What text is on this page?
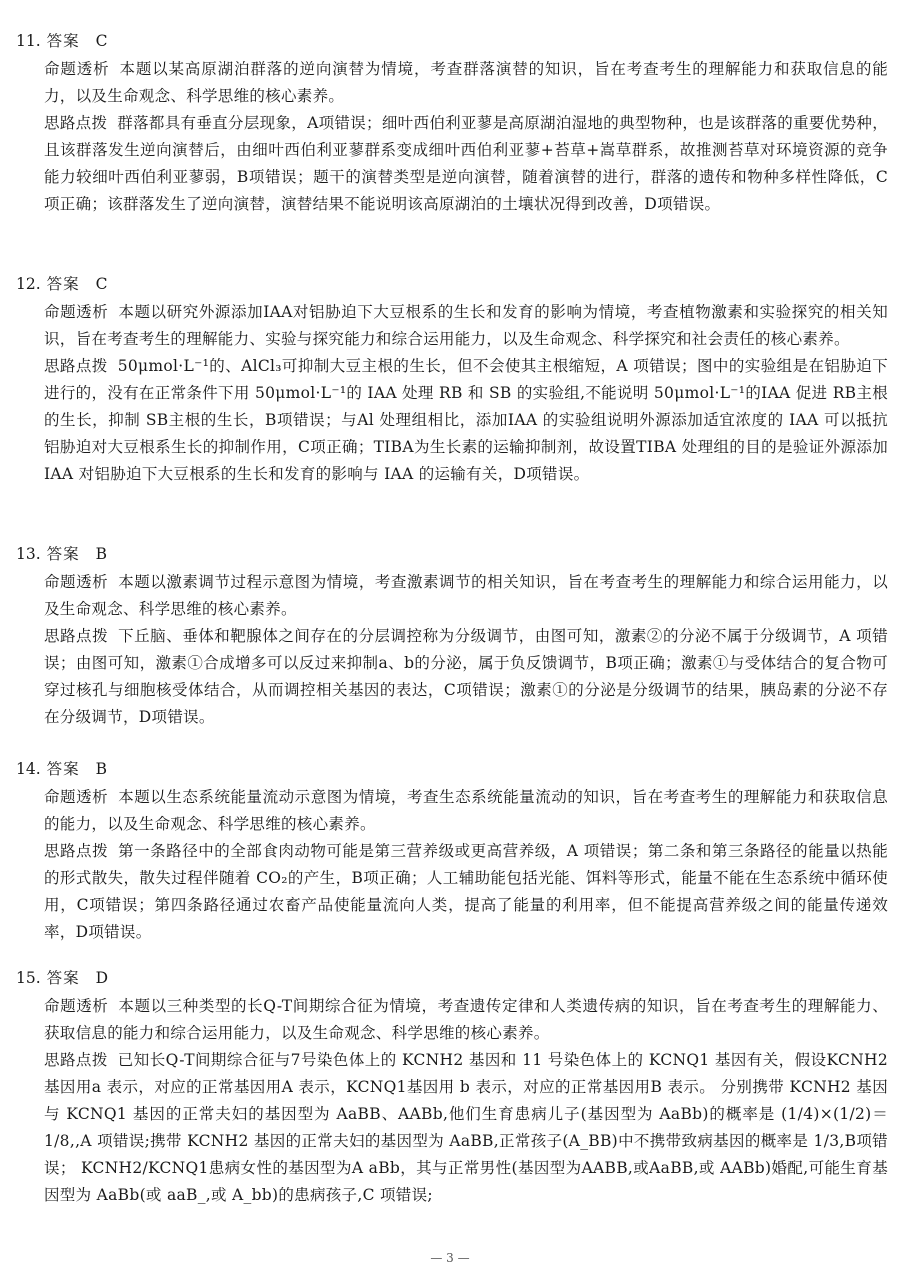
11. 答案 C

命题透析 本题以某高原湖泊群落的逆向演替为情境，考查群落演替的知识，旨在考查考生的理解能力和获取信息的能力，以及生命观念、科学思维的核心素养。

思路点拨 群落都具有垂直分层现象，A项错误；细叶西伯利亚蓼是高原湖泊湿地的典型物种，也是该群落的重要优势种，且该群落发生逆向演替后，由细叶西伯利亚蓼群系变成细叶西伯利亚蓼+苔草+嵩草群系，故推测苔草对环境资源的竞争能力较细叶西伯利亚蓼弱，B项错误；题干的演替类型是逆向演替，随着演替的进行，群落的遗传和物种多样性降低，C项正确；该群落发生了逆向演替，演替结果不能说明该高原湖泊的土壤状况得到改善，D项错误。

12. 答案 C

命题透析 本题以研究外源添加IAA对铝胁迫下大豆根系的生长和发育的影响为情境，考查植物激素和实验探究的相关知识，旨在考查考生的理解能力、实验与探究能力和综合运用能力，以及生命观念、科学探究和社会责任的核心素养。

思路点拨 50μmol·L⁻¹的、AlCl₃可抑制大豆主根的生长，但不会使其主根缩短，A 项错误；图中的实验组是在铝胁迫下进行的，没有在正常条件下用 50μmol·L⁻¹的 IAA 处理 RB 和 SB 的实验组,不能说明 50μmol·L⁻¹的IAA 促进 RB主根的生长，抑制 SB主根的生长，B项错误；与Al 处理组相比，添加IAA 的实验组说明外源添加适宜浓度的 IAA 可以抵抗铝胁迫对大豆根系生长的抑制作用，C项正确；TIBA为生长素的运输抑制剂，故设置TIBA 处理组的目的是验证外源添加 IAA 对铝胁迫下大豆根系的生长和发育的影响与 IAA 的运输有关，D项错误。

13. 答案 B

命题透析 本题以激素调节过程示意图为情境，考查激素调节的相关知识，旨在考查考生的理解能力和综合运用能力，以及生命观念、科学思维的核心素养。

思路点拨 下丘脑、垂体和靶腺体之间存在的分层调控称为分级调节，由图可知，激素②的分泌不属于分级调节，A 项错误；由图可知，激素①合成增多可以反过来抑制a、b的分泌，属于负反馈调节，B项正确；激素①与受体结合的复合物可穿过核孔与细胞核受体结合，从而调控相关基因的表达，C项错误；激素①的分泌是分级调节的结果，胰岛素的分泌不存在分级调节，D项错误。

14. 答案 B

命题透析 本题以生态系统能量流动示意图为情境，考查生态系统能量流动的知识，旨在考查考生的理解能力和获取信息的能力，以及生命观念、科学思维的核心素养。

思路点拨 第一条路径中的全部食肉动物可能是第三营养级或更高营养级，A 项错误；第二条和第三条路径的能量以热能的形式散失，散失过程伴随着 CO₂的产生，B项正确；人工辅助能包括光能、饵料等形式，能量不能在生态系统中循环使用，C项错误；第四条路径通过农畜产品使能量流向人类，提高了能量的利用率，但不能提高营养级之间的能量传递效率，D项错误。

15. 答案 D

命题透析 本题以三种类型的长Q-T间期综合征为情境，考查遗传定律和人类遗传病的知识，旨在考查考生的理解能力、获取信息的能力和综合运用能力，以及生命观念、科学思维的核心素养。

思路点拨 已知长Q-T间期综合征与7号染色体上的 KCNH2 基因和 11 号染色体上的 KCNQ1 基因有关，假设KCNH2基因用a 表示，对应的正常基因用A 表示，KCNQ1基因用 b 表示，对应的正常基因用B 表示。 分别携带 KCNH2 基因与 KCNQ1 基因的正常夫妇的基因型为 AaBB、AABb,他们生育患病儿子(基因型为 AaBb)的概率是 (1/4)×(1/2)＝1/8,,A 项错误;携带 KCNH2 基因的正常夫妇的基因型为 AaBB,正常孩子(A_BB)中不携带致病基因的概率是 1/3,B项错误； KCNH2/KCNQ1患病女性的基因型为A aBb，其与正常男性(基因型为AABB,或AaBB,或 AABb)婚配,可能生育基因型为 AaBb(或 aaB_,或 A_bb)的患病孩子,C 项错误;

— 3 —
